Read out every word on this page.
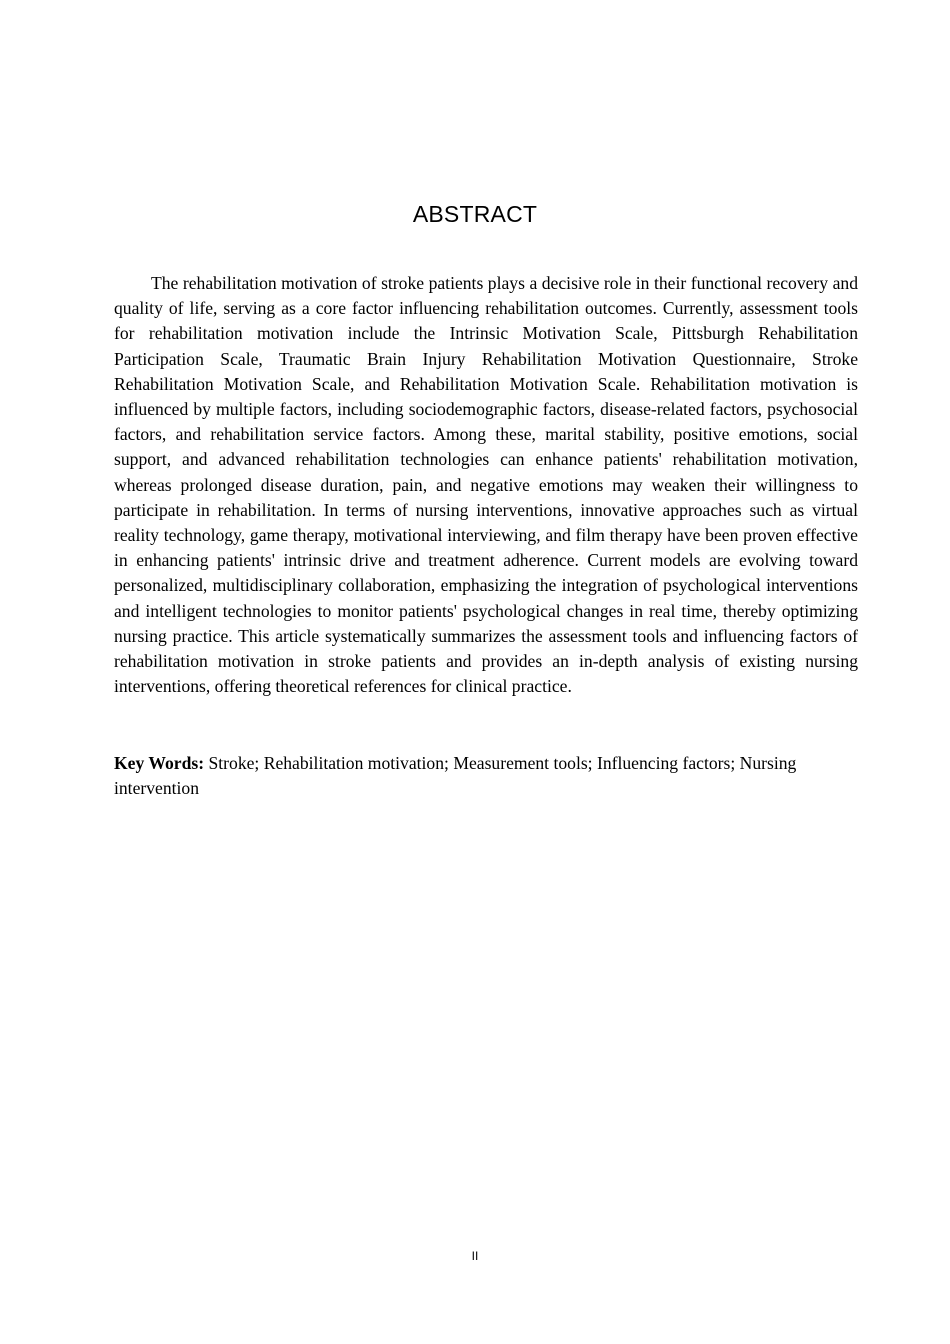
ABSTRACT

The rehabilitation motivation of stroke patients plays a decisive role in their functional recovery and quality of life, serving as a core factor influencing rehabilitation outcomes. Currently, assessment tools for rehabilitation motivation include the Intrinsic Motivation Scale, Pittsburgh Rehabilitation Participation Scale, Traumatic Brain Injury Rehabilitation Motivation Questionnaire, Stroke Rehabilitation Motivation Scale, and Rehabilitation Motivation Scale. Rehabilitation motivation is influenced by multiple factors, including sociodemographic factors, disease-related factors, psychosocial factors, and rehabilitation service factors. Among these, marital stability, positive emotions, social support, and advanced rehabilitation technologies can enhance patients' rehabilitation motivation, whereas prolonged disease duration, pain, and negative emotions may weaken their willingness to participate in rehabilitation. In terms of nursing interventions, innovative approaches such as virtual reality technology, game therapy, motivational interviewing, and film therapy have been proven effective in enhancing patients' intrinsic drive and treatment adherence. Current models are evolving toward personalized, multidisciplinary collaboration, emphasizing the integration of psychological interventions and intelligent technologies to monitor patients' psychological changes in real time, thereby optimizing nursing practice. This article systematically summarizes the assessment tools and influencing factors of rehabilitation motivation in stroke patients and provides an in-depth analysis of existing nursing interventions, offering theoretical references for clinical practice.

Key Words: Stroke; Rehabilitation motivation; Measurement tools; Influencing factors; Nursing intervention

II
